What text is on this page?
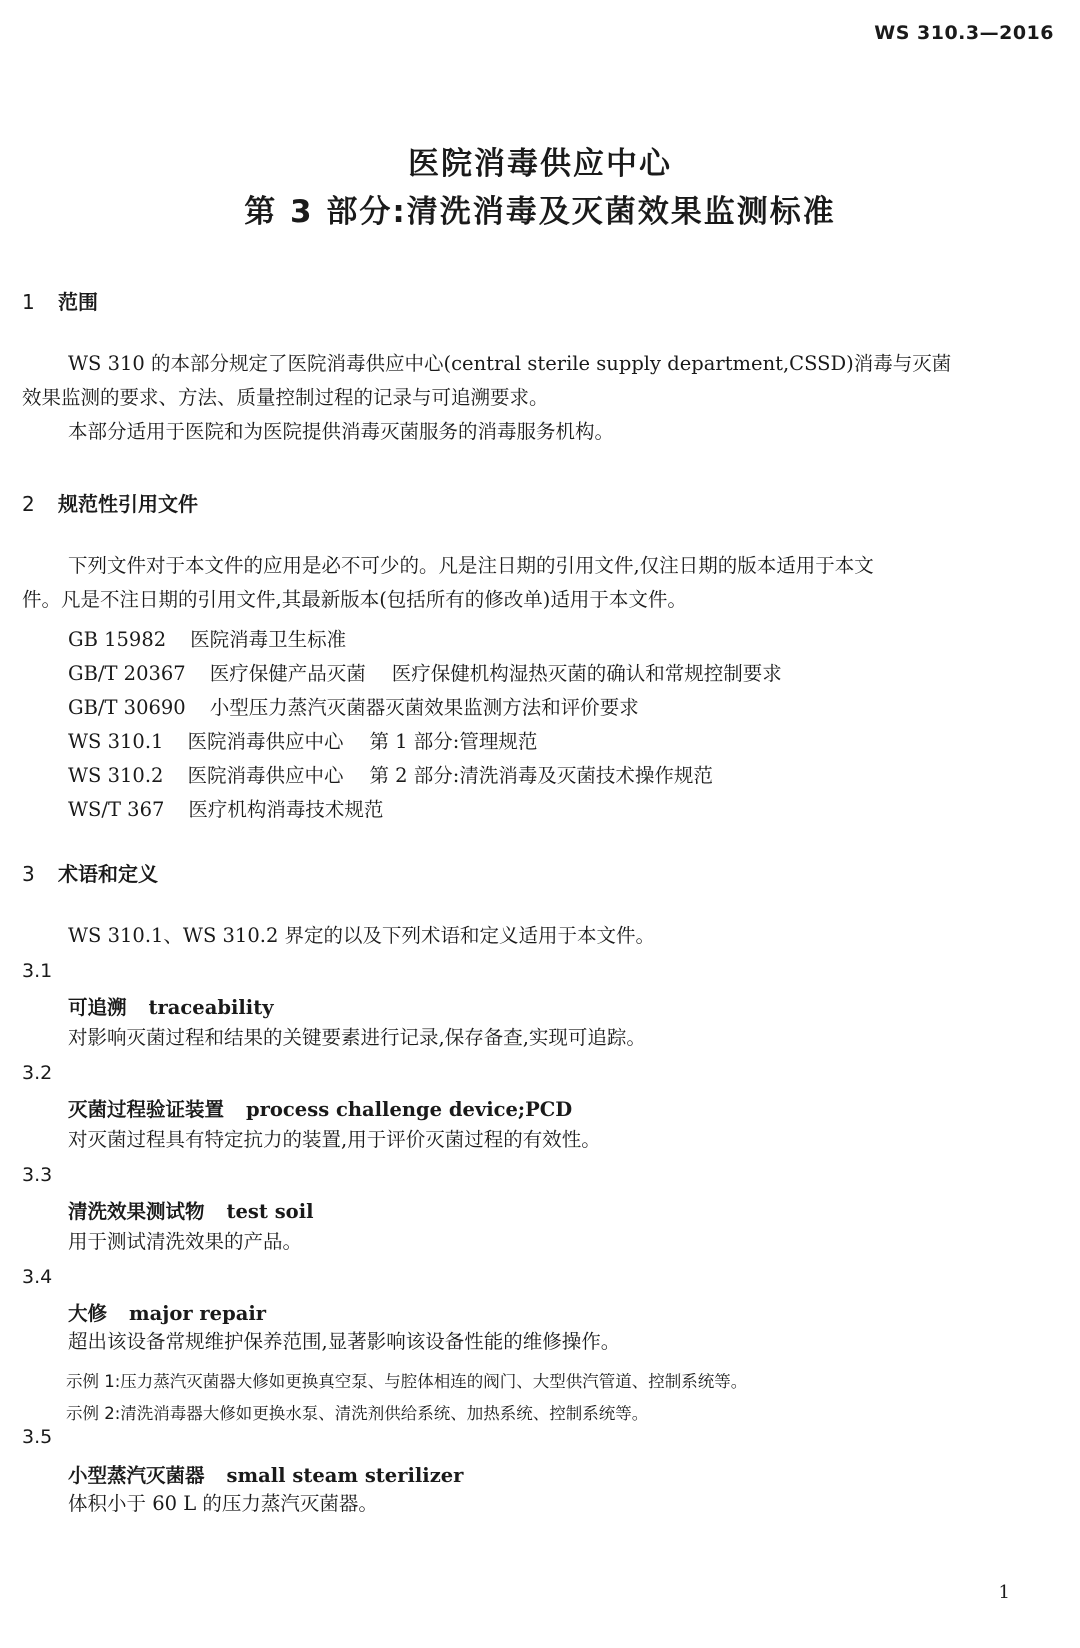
WS 310.3—2016
医院消毒供应中心
第 3 部分:清洗消毒及灭菌效果监测标准
1 范围
WS 310 的本部分规定了医院消毒供应中心(central sterile supply department,CSSD)消毒与灭菌
效果监测的要求、方法、质量控制过程的记录与可追溯要求。
本部分适用于医院和为医院提供消毒灭菌服务的消毒服务机构。
2 规范性引用文件
下列文件对于本文件的应用是必不可少的。凡是注日期的引用文件,仅注日期的版本适用于本文
件。凡是不注日期的引用文件,其最新版本(包括所有的修改单)适用于本文件。
GB 15982 医院消毒卫生标准
GB/T 20367 医疗保健产品灭菌 医疗保健机构湿热灭菌的确认和常规控制要求
GB/T 30690 小型压力蒸汽灭菌器灭菌效果监测方法和评价要求
WS 310.1 医院消毒供应中心 第 1 部分:管理规范
WS 310.2 医院消毒供应中心 第 2 部分:清洗消毒及灭菌技术操作规范
WS/T 367 医疗机构消毒技术规范
3 术语和定义
WS 310.1、WS 310.2 界定的以及下列术语和定义适用于本文件。
3.1
可追溯 traceability
对影响灭菌过程和结果的关键要素进行记录,保存备查,实现可追踪。
3.2
灭菌过程验证装置 process challenge device;PCD
对灭菌过程具有特定抗力的装置,用于评价灭菌过程的有效性。
3.3
清洗效果测试物 test soil
用于测试清洗效果的产品。
3.4
大修 major repair
超出该设备常规维护保养范围,显著影响该设备性能的维修操作。
示例 1:压力蒸汽灭菌器大修如更换真空泵、与腔体相连的阀门、大型供汽管道、控制系统等。
示例 2:清洗消毒器大修如更换水泵、清洗剂供给系统、加热系统、控制系统等。
3.5
小型蒸汽灭菌器 small steam sterilizer
体积小于 60 L 的压力蒸汽灭菌器。
1
